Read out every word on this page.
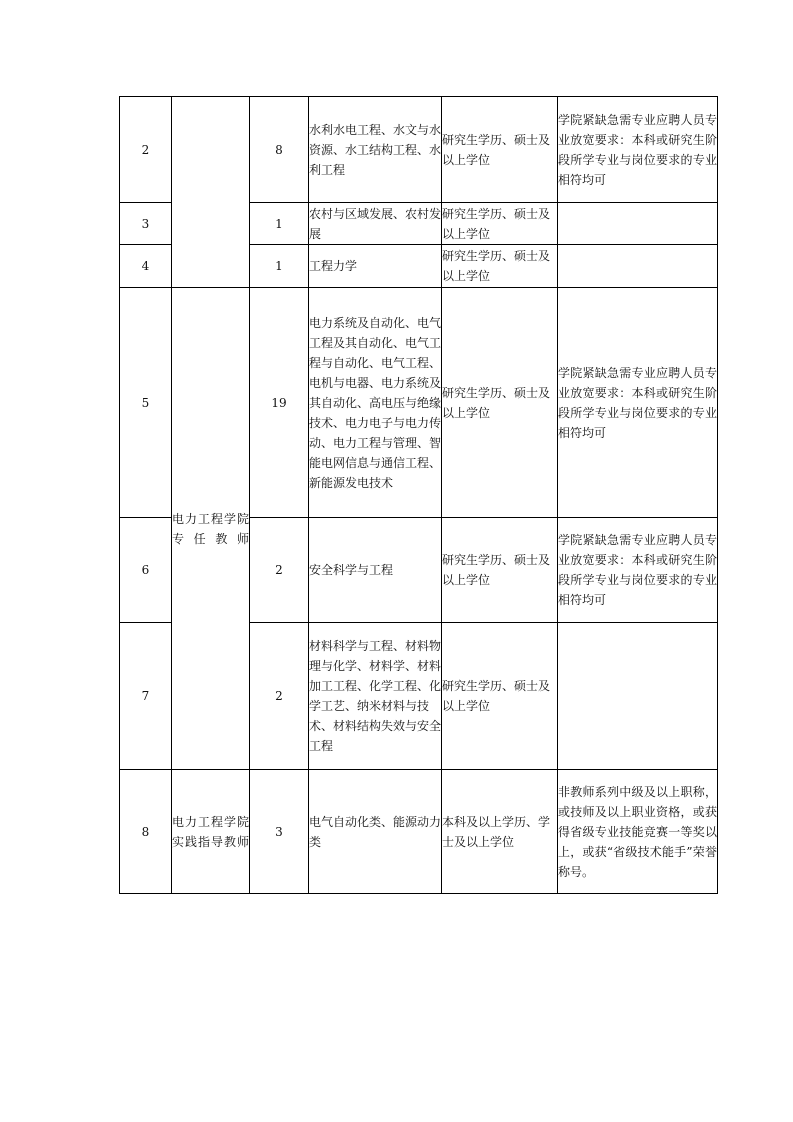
2		8	水利水电工程、水文与水资源、水工结构工程、水利工程	研究生学历、硕士及以上学位	学院紧缺急需专业应聘人员专业放宽要求：本科或研究生阶段所学专业与岗位要求的专业相符均可
3		1	农村与区域发展、农村发展	研究生学历、硕士及以上学位	
4		1	工程力学	研究生学历、硕士及以上学位	
5	电力工程学院专任教师	19	电力系统及自动化、电气工程及其自动化、电气工程与自动化、电气工程、电机与电器、电力系统及其自动化、高电压与绝缘技术、电力电子与电力传动、电力工程与管理、智能电网信息与通信工程、新能源发电技术	研究生学历、硕士及以上学位	学院紧缺急需专业应聘人员专业放宽要求：本科或研究生阶段所学专业与岗位要求的专业相符均可
6		2	安全科学与工程	研究生学历、硕士及以上学位	学院紧缺急需专业应聘人员专业放宽要求：本科或研究生阶段所学专业与岗位要求的专业相符均可
7		2	材料科学与工程、材料物理与化学、材料学、材料加工工程、化学工程、化学工艺、纳米材料与技术、材料结构失效与安全工程	研究生学历、硕士及以上学位	
8	电力工程学院实践指导教师	3	电气自动化类、能源动力类	本科及以上学历、学士及以上学位	非教师系列中级及以上职称，或技师及以上职业资格，或获得省级专业技能竞赛一等奖以上，或获“省级技术能手”荣誉称号。
